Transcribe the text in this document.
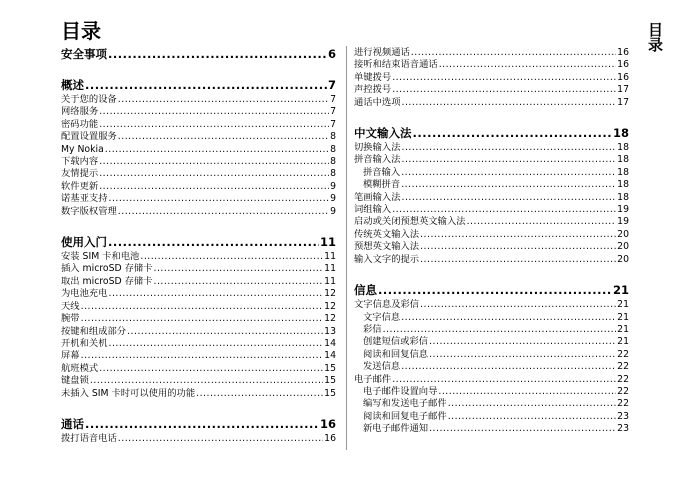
目录	目录
安全事项 .....	6
概述 .....	7
关于您的设备 .....	7
网络服务 .....	7
密码功能 .....	7
配置设置服务 .....	8
My Nokia .....	8
下载内容 .....	8
友情提示 .....	8
软件更新 .....	9
诺基亚支持 .....	9
数字版权管理 .....	9
使用入门 .....	11
安装 SIM 卡和电池 .....	11
插入 microSD 存储卡 .....	11
取出 microSD 存储卡 .....	11
为电池充电 .....	12
天线 .....	12
腕带 .....	12
按键和组成部分 .....	13
开机和关机 .....	14
屏幕 .....	14
航班模式 .....	15
键盘锁 .....	15
未插入 SIM 卡时可以使用的功能 .....	15
通话 .....	16
拨打语音电话 .....	16
进行视频通话 .....	16
接听和结束语音通话 .....	16
单键拨号 .....	16
声控拨号 .....	17
通话中选项 .....	17
中文输入法 .....	18
切换输入法 .....	18
拼音输入法 .....	18
拼音输入 .....	18
模糊拼音 .....	18
笔画输入法 .....	18
词组输入 .....	19
启动或关闭预想英文输入法 .....	19
传统英文输入法 .....	20
预想英文输入法 .....	20
输入文字的提示 .....	20
信息 .....	21
文字信息及彩信 .....	21
文字信息 .....	21
彩信 .....	21
创建短信或彩信 .....	21
阅读和回复信息 .....	22
发送信息 .....	22
电子邮件 .....	22
电子邮件设置向导 .....	22
编写和发送电子邮件 .....	22
阅读和回复电子邮件 .....	23
新电子邮件通知 .....	23
